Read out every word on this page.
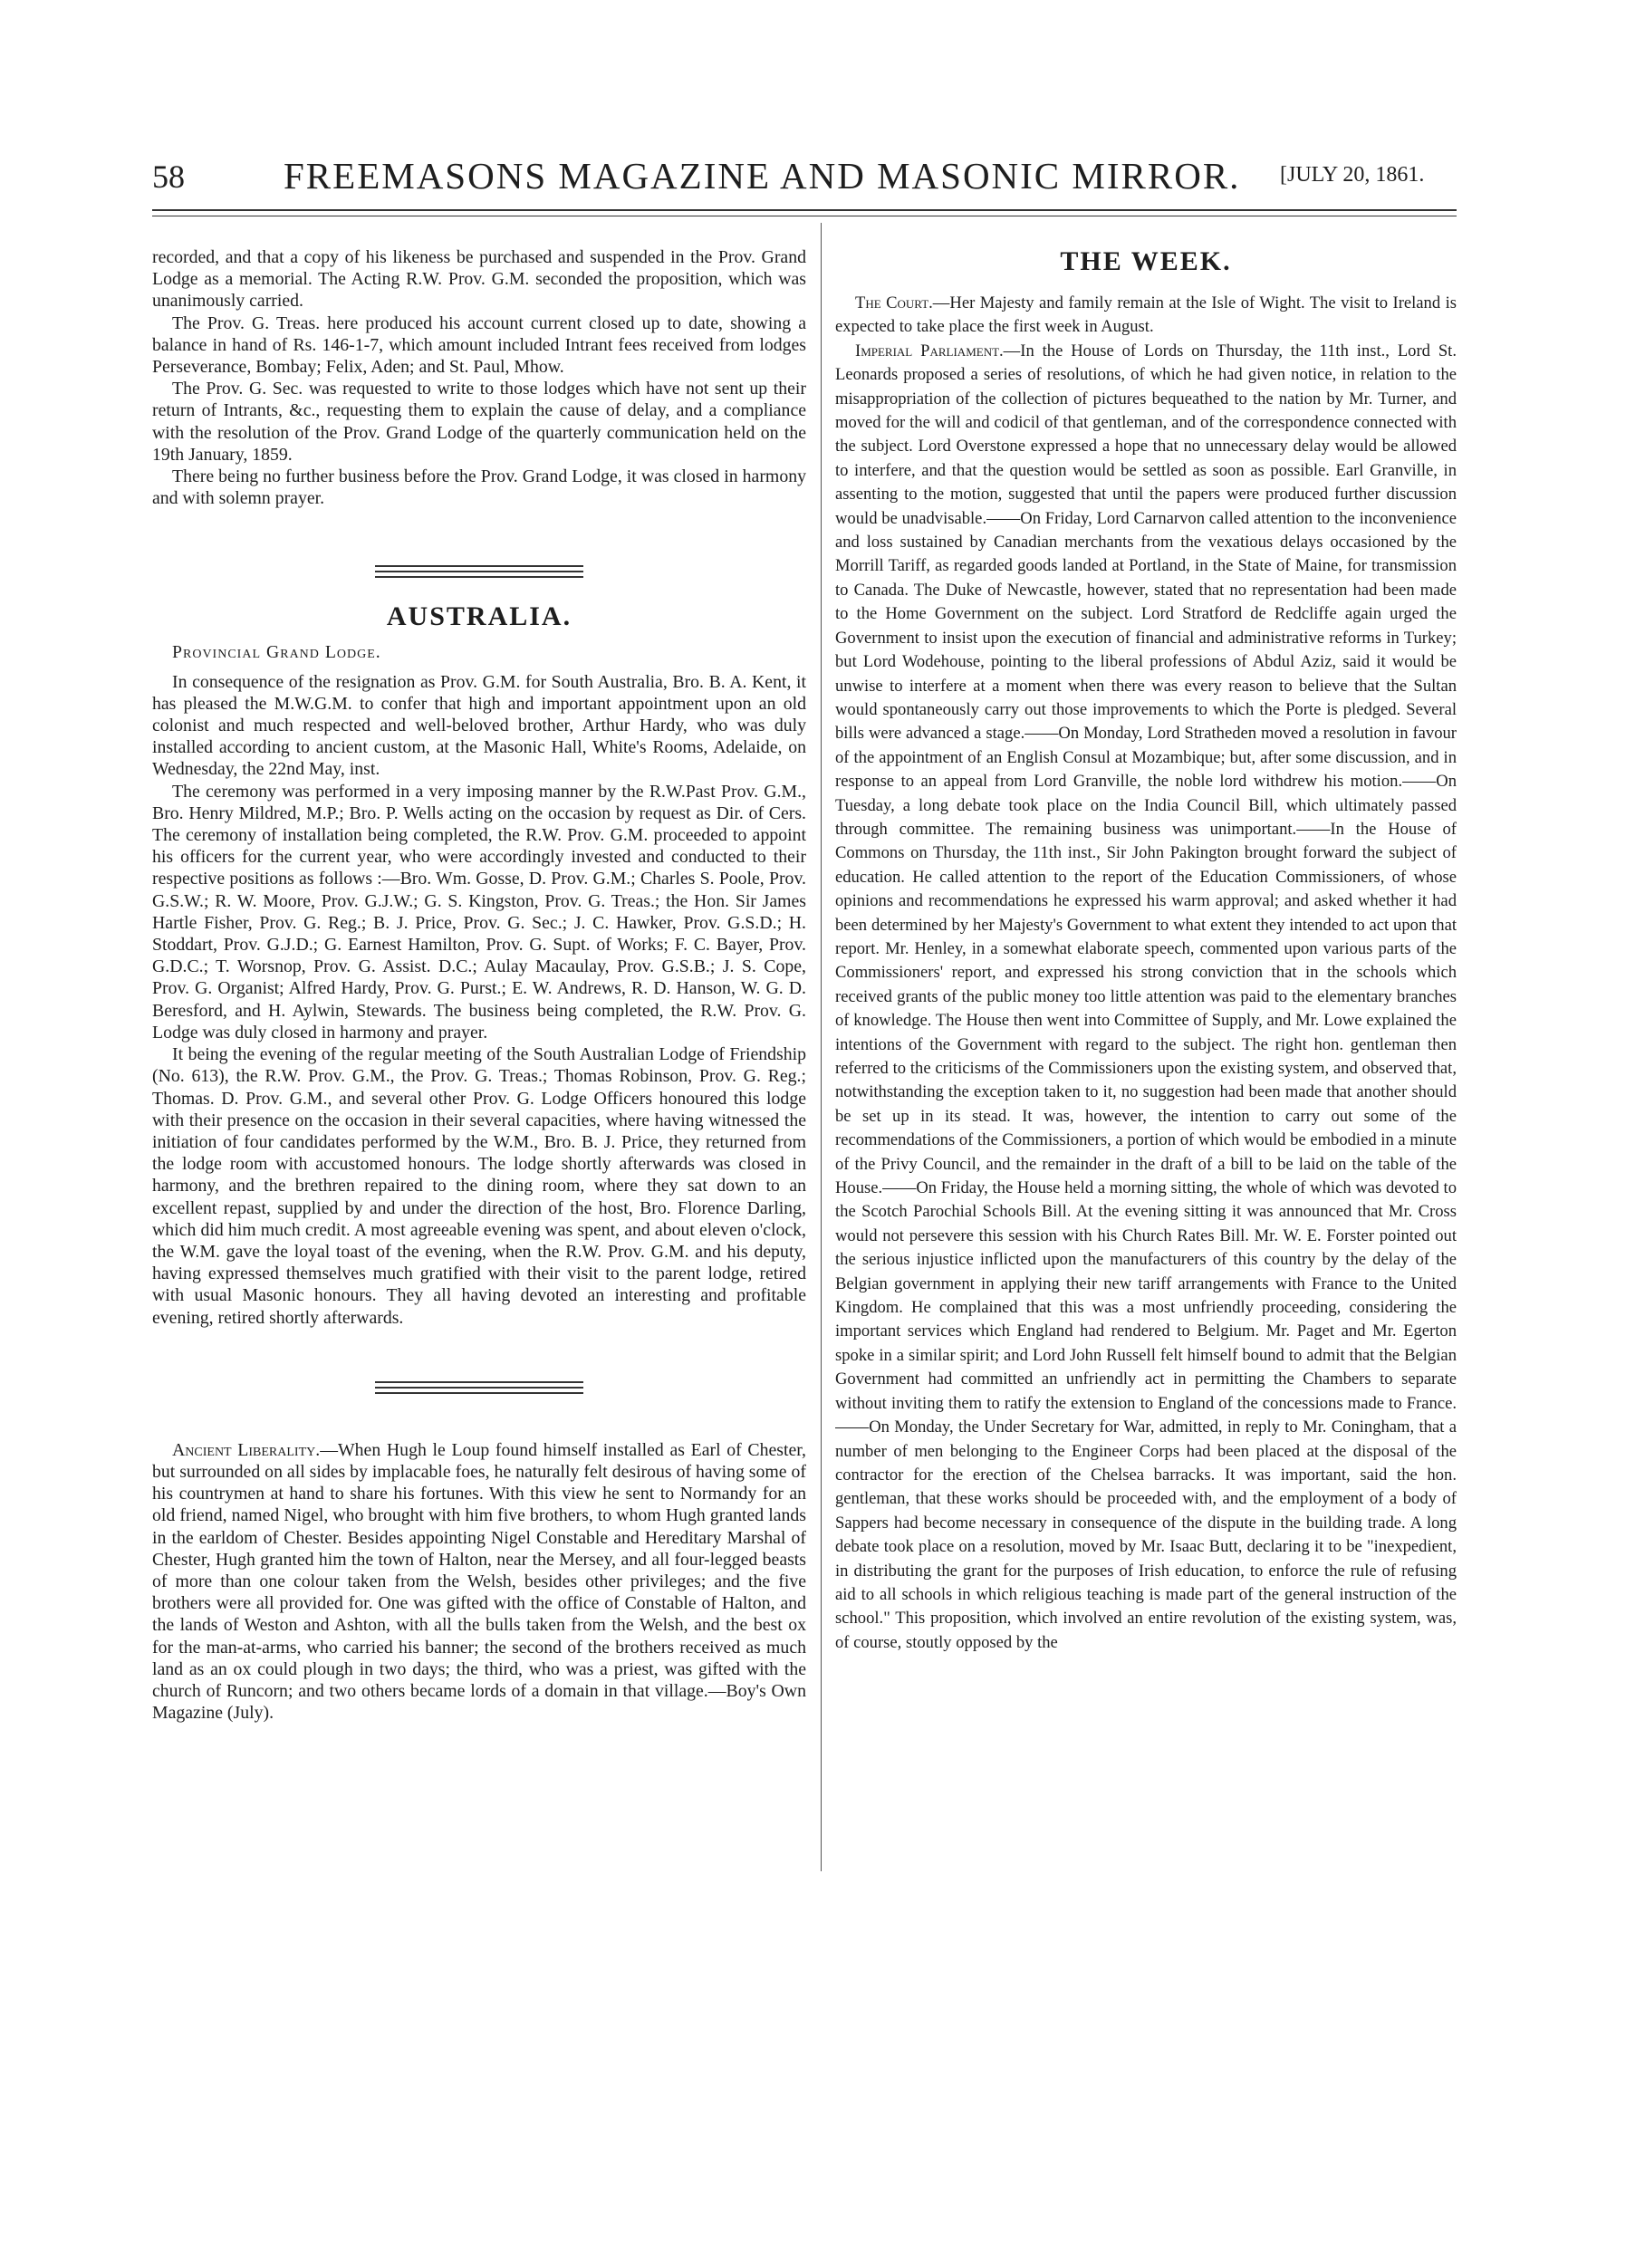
58	FREEMASONS MAGAZINE AND MASONIC MIRROR. [JULY 20, 1861.

recorded, and that a copy of his likeness be purchased and suspended in the Prov. Grand Lodge as a memorial. The Acting R.W. Prov. G.M. seconded the proposition, which was unanimously carried.

The Prov. G. Treas. here produced his account current closed up to date, showing a balance in hand of Rs. 146-1-7, which amount included Intrant fees received from lodges Perseverance, Bombay; Felix, Aden; and St. Paul, Mhow.

The Prov. G. Sec. was requested to write to those lodges which have not sent up their return of Intrants, &c., requesting them to explain the cause of delay, and a compliance with the resolution of the Prov. Grand Lodge of the quarterly communication held on the 19th January, 1859.

There being no further business before the Prov. Grand Lodge, it was closed in harmony and with solemn prayer.

AUSTRALIA.

Provincial Grand Lodge.

In consequence of the resignation as Prov. G.M. for South Australia, Bro. B. A. Kent, it has pleased the M.W.G.M. to confer that high and important appointment upon an old colonist and much respected and well-beloved brother, Arthur Hardy, who was duly installed according to ancient custom, at the Masonic Hall, White's Rooms, Adelaide, on Wednesday, the 22nd May, inst.

The ceremony was performed in a very imposing manner by the R.W.Past Prov. G.M., Bro. Henry Mildred, M.P.; Bro. P. Wells acting on the occasion by request as Dir. of Cers. The ceremony of installation being completed, the R.W. Prov. G.M. proceeded to appoint his officers for the current year, who were accordingly invested and conducted to their respective positions as follows :—Bro. Wm. Gosse, D. Prov. G.M.; Charles S. Poole, Prov. G.S.W.; R. W. Moore, Prov. G.J.W.; G. S. Kingston, Prov. G. Treas.; the Hon. Sir James Hartle Fisher, Prov. G. Reg.; B. J. Price, Prov. G. Sec.; J. C. Hawker, Prov. G.S.D.; H. Stoddart, Prov. G.J.D.; G. Earnest Hamilton, Prov. G. Supt. of Works; F. C. Bayer, Prov. G.D.C.; T. Worsnop, Prov. G. Assist. D.C.; Aulay Macaulay, Prov. G.S.B.; J. S. Cope, Prov. G. Organist; Alfred Hardy, Prov. G. Purst.; E. W. Andrews, R. D. Hanson, W. G. D. Beresford, and H. Aylwin, Stewards. The business being completed, the R.W. Prov. G. Lodge was duly closed in harmony and prayer.

It being the evening of the regular meeting of the South Australian Lodge of Friendship (No. 613), the R.W. Prov. G.M., the Prov. G. Treas.; Thomas Robinson, Prov. G. Reg.; Thomas. D. Prov. G.M., and several other Prov. G. Lodge Officers honoured this lodge with their presence on the occasion in their several capacities, where having witnessed the initiation of four candidates performed by the W.M., Bro. B. J. Price, they returned from the lodge room with accustomed honours. The lodge shortly afterwards was closed in harmony, and the brethren repaired to the dining room, where they sat down to an excellent repast, supplied by and under the direction of the host, Bro. Florence Darling, which did him much credit. A most agreeable evening was spent, and about eleven o'clock, the W.M. gave the loyal toast of the evening, when the R.W. Prov. G.M. and his deputy, having expressed themselves much gratified with their visit to the parent lodge, retired with usual Masonic honours. They all having devoted an interesting and profitable evening, retired shortly afterwards.

Ancient Liberality.—When Hugh le Loup found himself installed as Earl of Chester, but surrounded on all sides by implacable foes, he naturally felt desirous of having some of his countrymen at hand to share his fortunes. With this view he sent to Normandy for an old friend, named Nigel, who brought with him five brothers, to whom Hugh granted lands in the earldom of Chester. Besides appointing Nigel Constable and Hereditary Marshal of Chester, Hugh granted him the town of Halton, near the Mersey, and all four-legged beasts of more than one colour taken from the Welsh, besides other privileges; and the five brothers were all provided for. One was gifted with the office of Constable of Halton, and the lands of Weston and Ashton, with all the bulls taken from the Welsh, and the best ox for the man-at-arms, who carried his banner; the second of the brothers received as much land as an ox could plough in two days; the third, who was a priest, was gifted with the church of Runcorn; and two others became lords of a domain in that village.—Boy's Own Magazine (July).

THE WEEK.

The Court.—Her Majesty and family remain at the Isle of Wight. The visit to Ireland is expected to take place the first week in August.

Imperial Parliament.—In the House of Lords on Thursday, the 11th inst., Lord St. Leonards proposed a series of resolutions, of which he had given notice, in relation to the misappropriation of the collection of pictures bequeathed to the nation by Mr. Turner, and moved for the will and codicil of that gentleman, and of the correspondence connected with the subject. Lord Overstone expressed a hope that no unnecessary delay would be allowed to interfere, and that the question would be settled as soon as possible. Earl Granville, in assenting to the motion, suggested that until the papers were produced further discussion would be unadvisable.——On Friday, Lord Carnarvon called attention to the inconvenience and loss sustained by Canadian merchants from the vexatious delays occasioned by the Morrill Tariff, as regarded goods landed at Portland, in the State of Maine, for transmission to Canada. The Duke of Newcastle, however, stated that no representation had been made to the Home Government on the subject. Lord Stratford de Redcliffe again urged the Government to insist upon the execution of financial and administrative reforms in Turkey; but Lord Wodehouse, pointing to the liberal professions of Abdul Aziz, said it would be unwise to interfere at a moment when there was every reason to believe that the Sultan would spontaneously carry out those improvements to which the Porte is pledged. Several bills were advanced a stage.——On Monday, Lord Stratheden moved a resolution in favour of the appointment of an English Consul at Mozambique; but, after some discussion, and in response to an appeal from Lord Granville, the noble lord withdrew his motion.——On Tuesday, a long debate took place on the India Council Bill, which ultimately passed through committee. The remaining business was unimportant.——In the House of Commons on Thursday, the 11th inst., Sir John Pakington brought forward the subject of education. He called attention to the report of the Education Commissioners, of whose opinions and recommendations he expressed his warm approval; and asked whether it had been determined by her Majesty's Government to what extent they intended to act upon that report. Mr. Henley, in a somewhat elaborate speech, commented upon various parts of the Commissioners' report, and expressed his strong conviction that in the schools which received grants of the public money too little attention was paid to the elementary branches of knowledge. The House then went into Committee of Supply, and Mr. Lowe explained the intentions of the Government with regard to the subject. The right hon. gentleman then referred to the criticisms of the Commissioners upon the existing system, and observed that, notwithstanding the exception taken to it, no suggestion had been made that another should be set up in its stead. It was, however, the intention to carry out some of the recommendations of the Commissioners, a portion of which would be embodied in a minute of the Privy Council, and the remainder in the draft of a bill to be laid on the table of the House.——On Friday, the House held a morning sitting, the whole of which was devoted to the Scotch Parochial Schools Bill. At the evening sitting it was announced that Mr. Cross would not persevere this session with his Church Rates Bill. Mr. W. E. Forster pointed out the serious injustice inflicted upon the manufacturers of this country by the delay of the Belgian government in applying their new tariff arrangements with France to the United Kingdom. He complained that this was a most unfriendly proceeding, considering the important services which England had rendered to Belgium. Mr. Paget and Mr. Egerton spoke in a similar spirit; and Lord John Russell felt himself bound to admit that the Belgian Government had committed an unfriendly act in permitting the Chambers to separate without inviting them to ratify the extension to England of the concessions made to France.——On Monday, the Under Secretary for War, admitted, in reply to Mr. Coningham, that a number of men belonging to the Engineer Corps had been placed at the disposal of the contractor for the erection of the Chelsea barracks. It was important, said the hon. gentleman, that these works should be proceeded with, and the employment of a body of Sappers had become necessary in consequence of the dispute in the building trade. A long debate took place on a resolution, moved by Mr. Isaac Butt, declaring it to be "inexpedient, in distributing the grant for the purposes of Irish education, to enforce the rule of refusing aid to all schools in which religious teaching is made part of the general instruction of the school." This proposition, which involved an entire revolution of the existing system, was, of course, stoutly opposed by the
